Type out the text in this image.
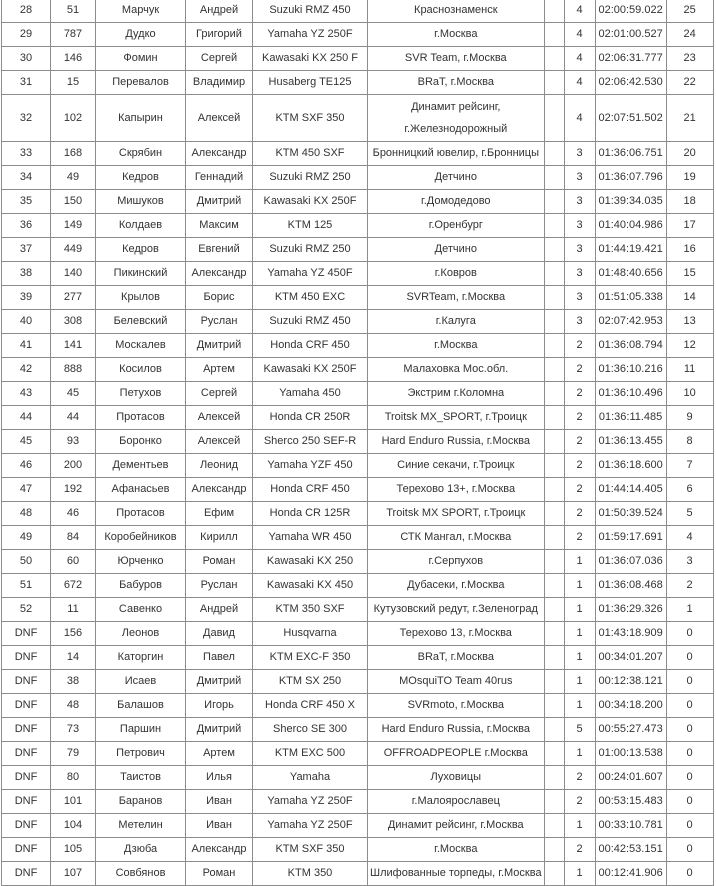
28	51	Марчук	Андрей	Suzuki RMZ 450	Краснознаменск		4	02:00:59.022	25
29	787	Дудко	Григорий	Yamaha YZ 250F	г.Москва		4	02:01:00.527	24
30	146	Фомин	Сергей	Kawasaki KX 250 F	SVR Team, г.Москва		4	02:06:31.777	23
31	15	Перевалов	Владимир	Husaberg TE125	BRaT, г.Москва		4	02:06:42.530	22
32	102	Капырин	Алексей	KTM SXF 350	Динамит рейсинг, г.Железнодорожный		4	02:07:51.502	21
33	168	Скрябин	Александр	KTM 450 SXF	Бронницкий ювелир, г.Бронницы		3	01:36:06.751	20
34	49	Кедров	Геннадий	Suzuki RMZ 250	Детчино		3	01:36:07.796	19
35	150	Мишуков	Дмитрий	Kawasaki KX 250F	г.Домодедово		3	01:39:34.035	18
36	149	Колдаев	Максим	KTM 125	г.Оренбург		3	01:40:04.986	17
37	449	Кедров	Евгений	Suzuki RMZ 250	Детчино		3	01:44:19.421	16
38	140	Пикинский	Александр	Yamaha YZ 450F	г.Ковров		3	01:48:40.656	15
39	277	Крылов	Борис	KTM 450 EXC	SVRTeam, г.Москва		3	01:51:05.338	14
40	308	Белевский	Руслан	Suzuki RMZ 450	г.Калуга		3	02:07:42.953	13
41	141	Москалев	Дмитрий	Honda CRF 450	г.Москва		2	01:36:08.794	12
42	888	Косилов	Артем	Kawasaki KX 250F	Малаховка Мос.обл.		2	01:36:10.216	11
43	45	Петухов	Сергей	Yamaha 450	Экстрим г.Коломна		2	01:36:10.496	10
44	44	Протасов	Алексей	Honda CR 250R	Troitsk MX_SPORT, г.Троицк		2	01:36:11.485	9
45	93	Боронко	Алексей	Sherco 250 SEF-R	Hard Enduro Russia, г.Москва		2	01:36:13.455	8
46	200	Дементьев	Леонид	Yamaha YZF 450	Синие секачи, г.Троицк		2	01:36:18.600	7
47	192	Афанасьев	Александр	Honda CRF 450	Терехово 13+, г.Москва		2	01:44:14.405	6
48	46	Протасов	Ефим	Honda CR 125R	Troitsk MX SPORT, г.Троицк		2	01:50:39.524	5
49	84	Коробейников	Кирилл	Yamaha WR 450	СТК Мангал, г.Москва		2	01:59:17.691	4
50	60	Юрченко	Роман	Kawasaki KX 250	г.Серпухов		1	01:36:07.036	3
51	672	Бабуров	Руслан	Kawasaki KX 450	Дубасеки, г.Москва		1	01:36:08.468	2
52	11	Савенко	Андрей	KTM 350 SXF	Кутузовский редут, г.Зеленоград		1	01:36:29.326	1
DNF	156	Леонов	Давид	Husqvarna	Терехово 13, г.Москва		1	01:43:18.909	0
DNF	14	Каторгин	Павел	KTM EXC-F 350	BRaT, г.Москва		1	00:34:01.207	0
DNF	38	Исаев	Дмитрий	KTM SX 250	MOsquiTO Team 40rus		1	00:12:38.121	0
DNF	48	Балашов	Игорь	Honda CRF 450 X	SVRmoto, г.Москва		1	00:34:18.200	0
DNF	73	Паршин	Дмитрий	Sherco SE 300	Hard Enduro Russia, г.Москва		5	00:55:27.473	0
DNF	79	Петрович	Артем	KTM EXC 500	OFFROADPEOPLE г.Москва		1	01:00:13.538	0
DNF	80	Таистов	Илья	Yamaha	Луховицы		2	00:24:01.607	0
DNF	101	Баранов	Иван	Yamaha YZ 250F	г.Малоярославец		2	00:53:15.483	0
DNF	104	Метелин	Иван	Yamaha YZ 250F	Динамит рейсинг, г.Москва		1	00:33:10.781	0
DNF	105	Дзюба	Александр	KTM SXF 350	г.Москва		2	00:42:53.151	0
DNF	107	Совбянов	Роман	KTM 350	Шлифованные торпеды, г.Москва		1	00:12:41.906	0
